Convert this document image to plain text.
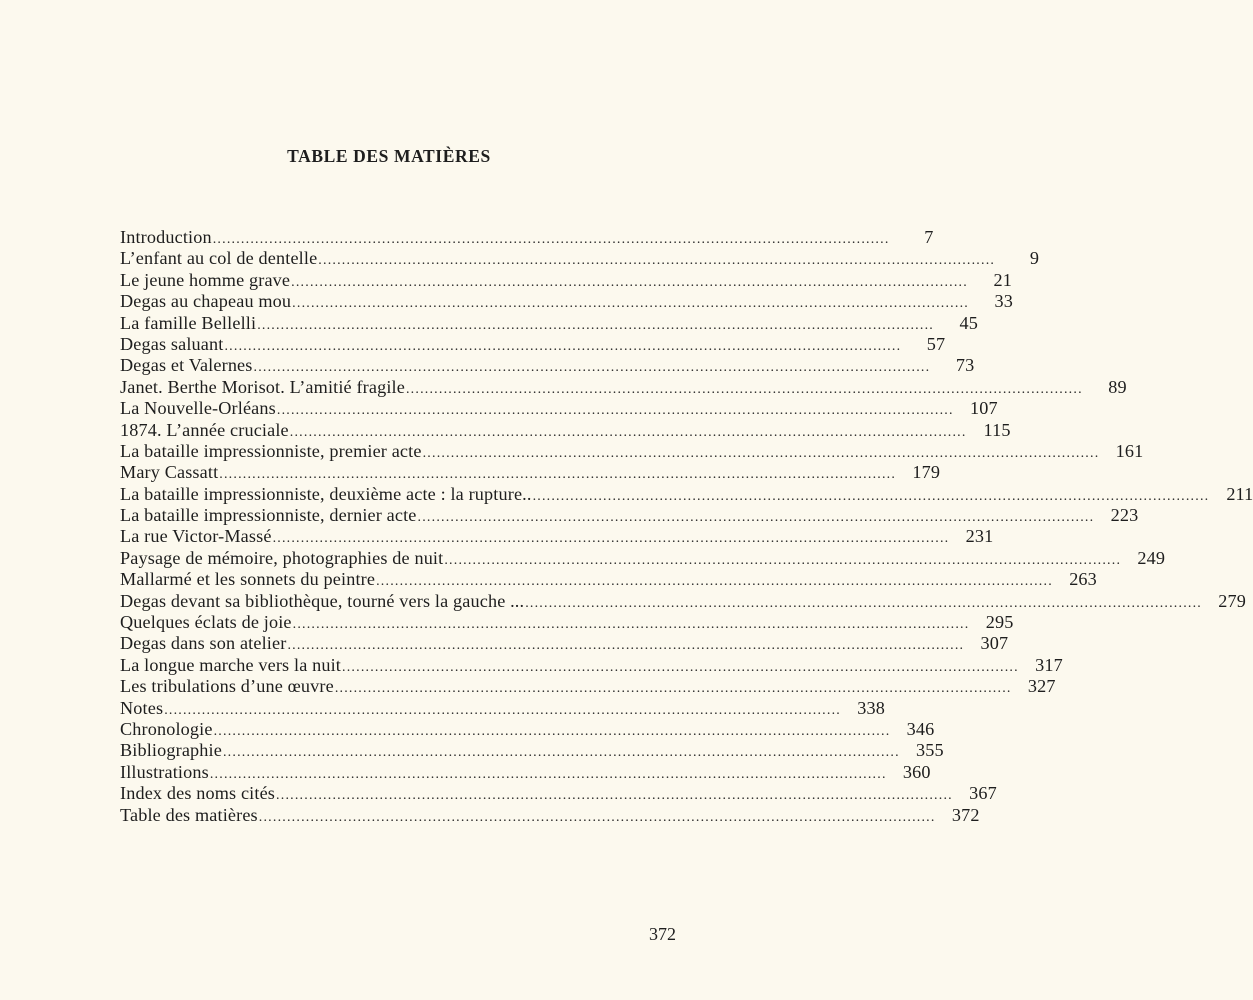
TABLE DES MATIÈRES
Introduction ................................................................................................................................................	7
L’enfant au col de dentelle ................................................................................................................................................	9
Le jeune homme grave ................................................................................................................................................	21
Degas au chapeau mou ................................................................................................................................................	33
La famille Bellelli ................................................................................................................................................	45
Degas saluant ................................................................................................................................................	57
Degas et Valernes ................................................................................................................................................	73
Janet. Berthe Morisot. L’amitié fragile ................................................................................................................................................	89
La Nouvelle-Orléans ................................................................................................................................................ 107
1874. L’année cruciale ................................................................................................................................................ 115
La bataille impressionniste, premier acte ................................................................................................................................................ 161
Mary Cassatt ................................................................................................................................................ 179
La bataille impressionniste, deuxième acte : la rupture.. ................................................................................................................................................ 211
La bataille impressionniste, dernier acte ................................................................................................................................................ 223
La rue Victor-Massé ................................................................................................................................................ 231
Paysage de mémoire, photographies de nuit ................................................................................................................................................ 249
Mallarmé et les sonnets du peintre ................................................................................................................................................ 263
Degas devant sa bibliothèque, tourné vers la gauche ... ................................................................................................................................................ 279
Quelques éclats de joie ................................................................................................................................................ 295
Degas dans son atelier ................................................................................................................................................ 307
La longue marche vers la nuit ................................................................................................................................................ 317
Les tribulations d’une œuvre ................................................................................................................................................ 327
Notes ................................................................................................................................................ 338
Chronologie ................................................................................................................................................ 346
Bibliographie ................................................................................................................................................ 355
Illustrations ................................................................................................................................................ 360
Index des noms cités ................................................................................................................................................ 367
Table des matières ................................................................................................................................................ 372
372
